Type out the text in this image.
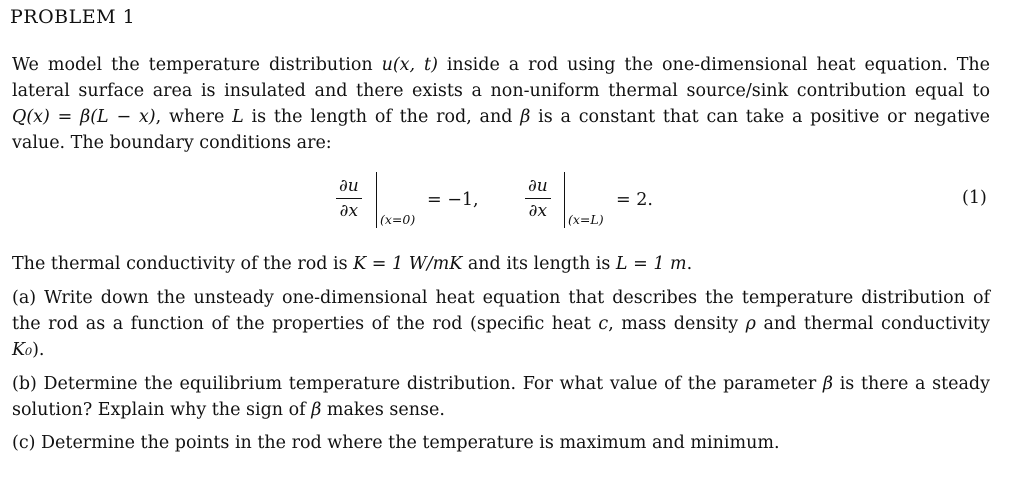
PROBLEM 1
We model the temperature distribution u(x, t) inside a rod using the one-dimensional heat equation. The lateral surface area is insulated and there exists a non-uniform thermal source/sink contribution equal to Q(x) = β(L − x), where L is the length of the rod, and β is a constant that can take a positive or negative value. The boundary conditions are:
∂u
∂x (x=0)
= −1,
∂u
∂x (x=L)
= 2.	(1)
The thermal conductivity of the rod is K = 1 W/mK and its length is L = 1 m.
(a) Write down the unsteady one-dimensional heat equation that describes the temperature distribution of the rod as a function of the properties of the rod (specific heat c, mass density ρ and thermal conductivity K₀).
(b) Determine the equilibrium temperature distribution. For what value of the parameter β is there a steady solution? Explain why the sign of β makes sense.
(c) Determine the points in the rod where the temperature is maximum and minimum.
